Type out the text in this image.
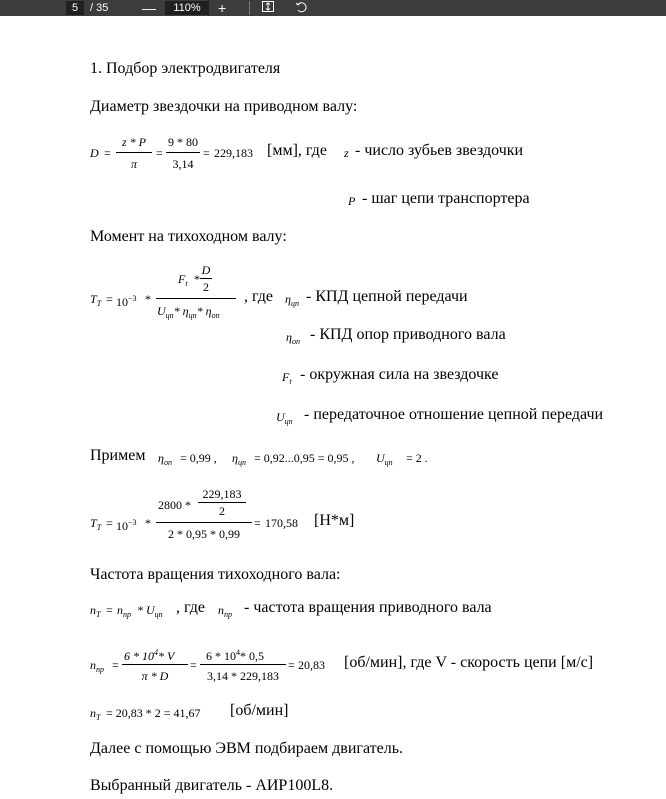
5	/ 35 —	110%	+
1. Подбор электродвигателя
Диаметр звездочки на приводном валу:
D =
z * P
π
=
9 * 80
3,14
= 229,183 [мм], где z - число зубьев звездочки
P - шаг цепи транспортера
Момент на тихоходном валу:
$T_T = 10^{-3}$ *
$F_t$ *
D
2
$U_{цп}*$ $\eta_{цп}*$ $\eta_{оп}$
, где $\eta_{цп}$ - КПД цепной передачи
$\eta_{оп}$ - КПД опор приводного вала
$F_t$ - окружная сила на звездочке
$U_{цп}$ - передаточное отношение цепной передачи
Примем $\eta_{оп} = 0,99$ , $\eta_{цп} = 0,92...0,95 = 0,95$ , $U_{цп} = 2$ .
$T_T = 10^{-3}$ *
2800 *
229,183
2
2 * 0,95 * 0,99
= 170,58 [Н*м]
Частота вращения тихоходного вала:
$n_T = n_{пр} * U_{цп}$ , где $n_{пр}$ - частота вращения приводного вала
$n_{пр}$ =
$6 * 10^4*$ V
π * D
=
$6 * 10^4*$ 0,5
3,14 * 229,183
= 20,83 [об/мин], где V - скорость цепи [м/с]
$n_T = 20,83 * 2 = 41,67$ [об/мин]
Далее с помощью ЭВМ подбираем двигатель.
Выбранный двигатель - АИР100L8.
